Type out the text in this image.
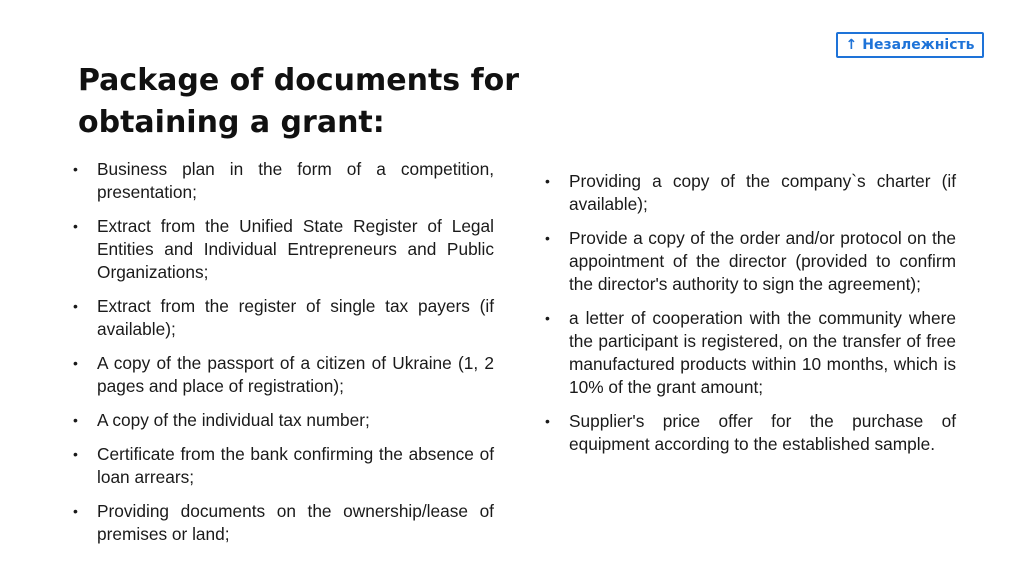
↑ Незалежність
Package of documents for obtaining a grant:
• Business plan in the form of a competition, presentation;
• Extract from the Unified State Register of Legal Entities and Individual Entrepreneurs and Public Organizations;
• Extract from the register of single tax payers (if available);
• A copy of the passport of a citizen of Ukraine (1, 2 pages and place of registration);
• A copy of the individual tax number;
• Certificate from the bank confirming the absence of loan arrears;
• Providing documents on the ownership/lease of premises or land;
• Providing a copy of the company`s charter (if available);
• Provide a copy of the order and/or protocol on the appointment of the director (provided to confirm the director's authority to sign the agreement);
• a letter of cooperation with the community where the participant is registered, on the transfer of free manufactured products within 10 months, which is 10% of the grant amount;
• Supplier's price offer for the purchase of equipment according to the established sample.
